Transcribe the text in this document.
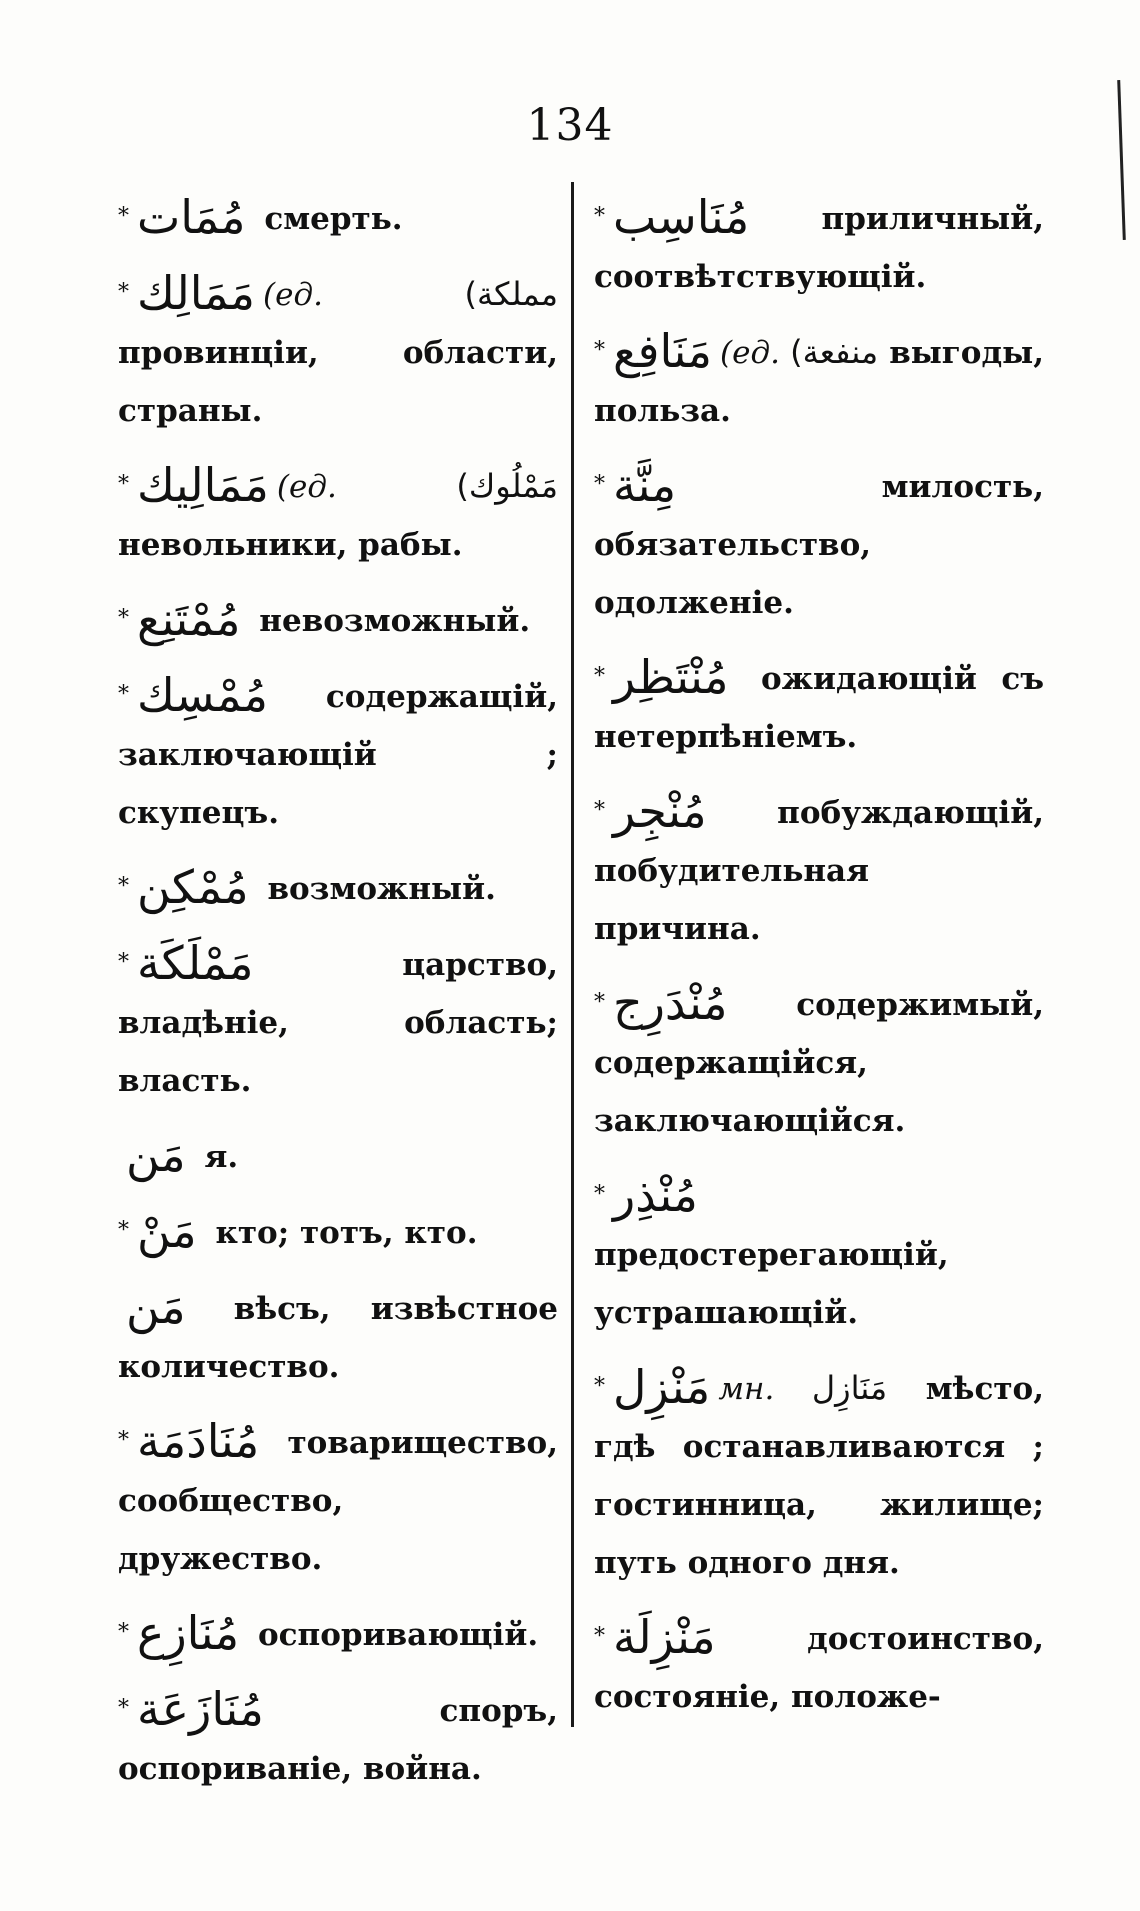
134
* مُمَات смерть.
* مَمَالِك (ед.	مملكة) провинціи, области, страны.
* مَمَالِيك (ед.	مَمْلُوك) невольники, рабы.
* مُمْتَنِع невозможный.
* مُمْسِك содержащій, заключающій ; скупецъ.
* مُمْكِن возможный.
* مَمْلَكَة	царство, владѣніе, область; власть.
مَن я.
* مَنْ кто; тотъ, кто.
مَن вѣсъ, извѣстное количество.
* مُنَادَمَة товарищество, сообщество, дружество.
* مُنَازِع оспоривающій.
* مُنَازَعَة	споръ, оспориваніе, война.
* مُنَاسِب приличный, соотвѣтствующій.
* مَنَافِع (ед. منفعة) выгоды, польза.
* مِنَّة	милость, обязательство, одолженіе.
* مُنْتَظِر ожидающій съ нетерпѣніемъ.
* مُنْجِر побуждающій, побудительная причина.
* مُنْدَرِج содержимый, содержащійся, заключающійся.
* مُنْذِر предостерегающій, устрашающій.
* مَنْزِل мн. مَنَازِل мѣсто, гдѣ останавливаются ; гостинница, жилище; путь одного дня.
* مَنْزِلَة	достоинство, состояніе, положе-
